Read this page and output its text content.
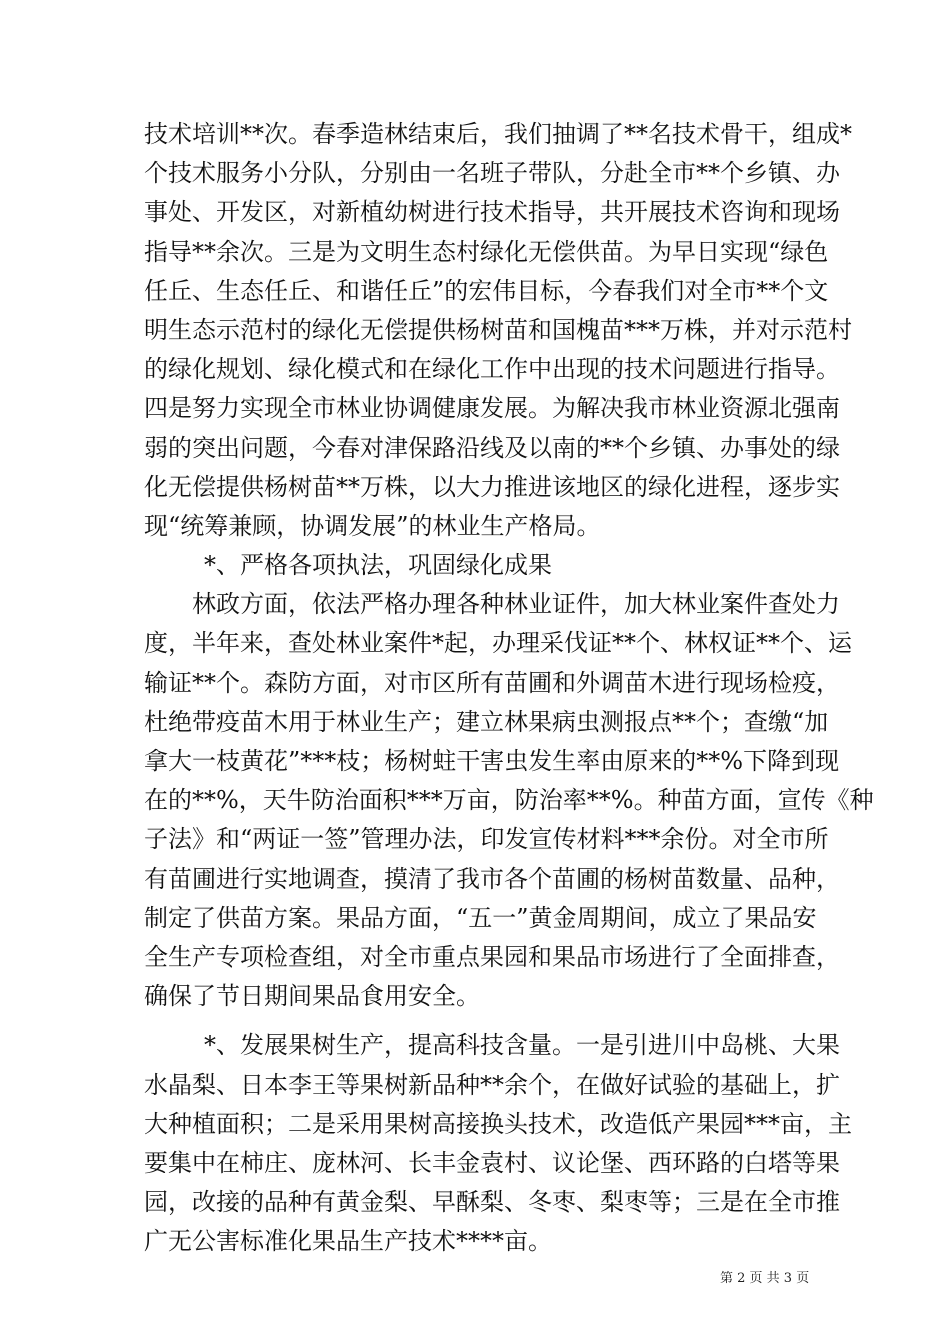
技术培训**次。春季造林结束后，我们抽调了**名技术骨干，组成*
个技术服务小分队，分别由一名班子带队，分赴全市**个乡镇、办
事处、开发区，对新植幼树进行技术指导，共开展技术咨询和现场
指导**余次。三是为文明生态村绿化无偿供苗。为早日实现“绿色
任丘、生态任丘、和谐任丘”的宏伟目标，今春我们对全市**个文
明生态示范村的绿化无偿提供杨树苗和国槐苗***万株，并对示范村
的绿化规划、绿化模式和在绿化工作中出现的技术问题进行指导。
四是努力实现全市林业协调健康发展。为解决我市林业资源北强南
弱的突出问题，今春对津保路沿线及以南的**个乡镇、办事处的绿
化无偿提供杨树苗**万株，以大力推进该地区的绿化进程，逐步实
现“统筹兼顾，协调发展”的林业生产格局。
*、严格各项执法，巩固绿化成果
林政方面，依法严格办理各种林业证件，加大林业案件查处力
度，半年来，查处林业案件*起，办理采伐证**个、林权证**个、运
输证**个。森防方面，对市区所有苗圃和外调苗木进行现场检疫，
杜绝带疫苗木用于林业生产；建立林果病虫测报点**个；查缴“加
拿大一枝黄花”***枝；杨树蛀干害虫发生率由原来的**%下降到现
在的**%，天牛防治面积***万亩，防治率**%。种苗方面，宣传《种
子法》和“两证一签”管理办法，印发宣传材料***余份。对全市所
有苗圃进行实地调查，摸清了我市各个苗圃的杨树苗数量、品种，
制定了供苗方案。果品方面，“五一”黄金周期间，成立了果品安
全生产专项检查组，对全市重点果园和果品市场进行了全面排查，
确保了节日期间果品食用安全。
*、发展果树生产，提高科技含量。一是引进川中岛桃、大果
水晶梨、日本李王等果树新品种**余个，在做好试验的基础上，扩
大种植面积；二是采用果树高接换头技术，改造低产果园***亩，主
要集中在柿庄、庞林河、长丰金袁村、议论堡、西环路的白塔等果
园，改接的品种有黄金梨、早酥梨、冬枣、梨枣等；三是在全市推
广无公害标准化果品生产技术****亩。
第 2 页 共 3 页
